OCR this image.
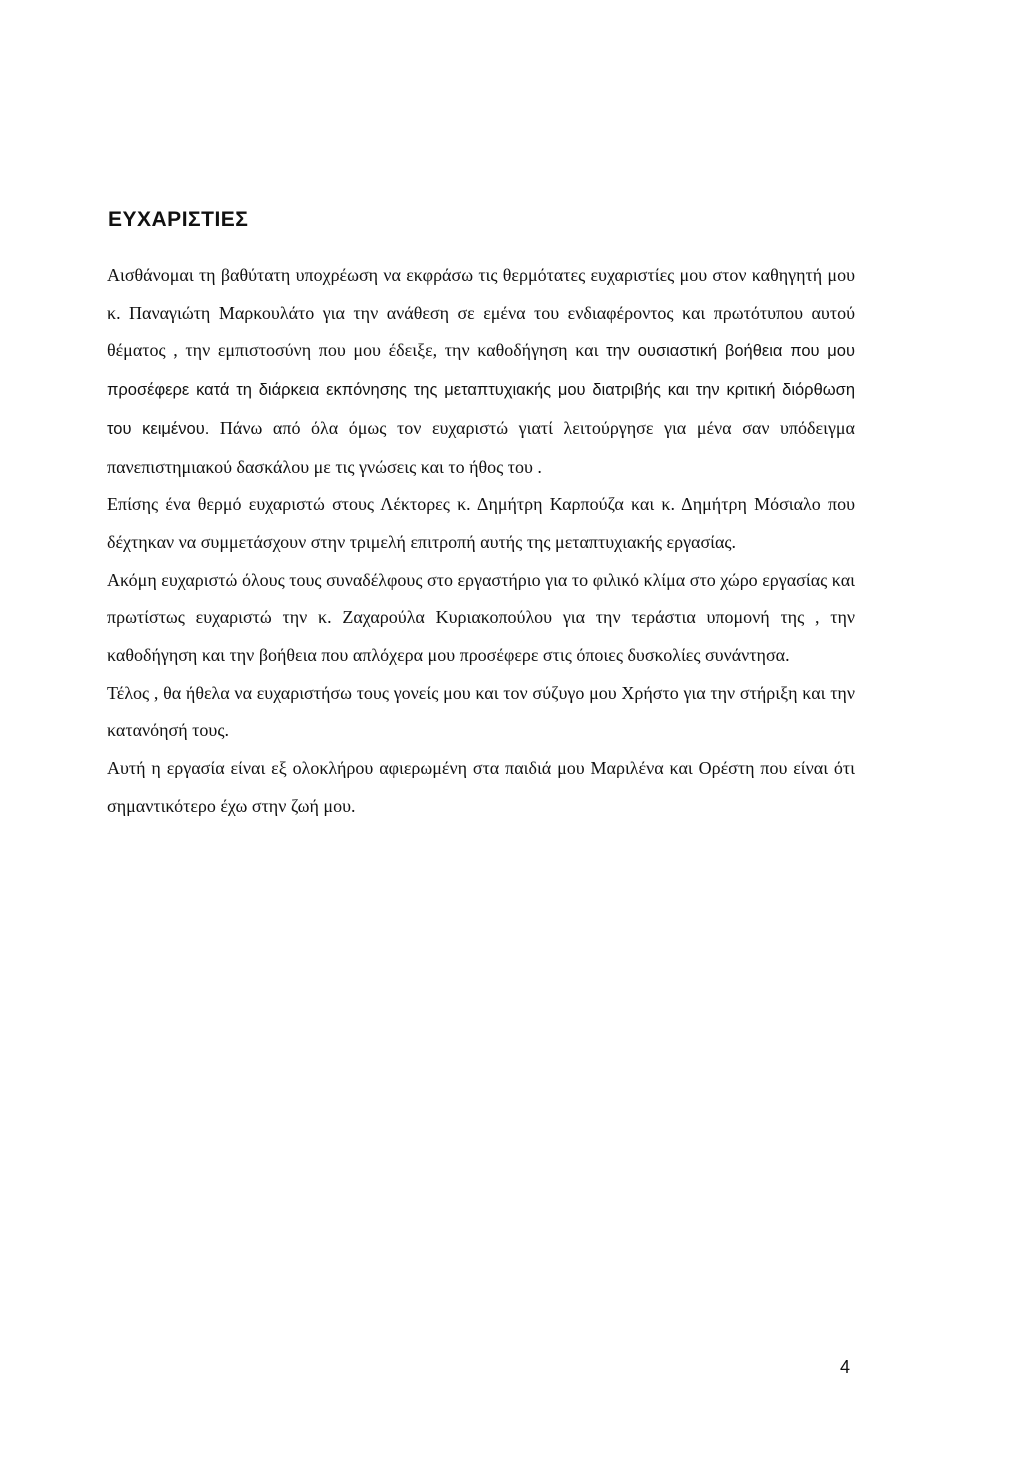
ΕΥΧΑΡΙΣΤΙΕΣ

Αισθάνομαι τη βαθύτατη υποχρέωση να εκφράσω τις θερμότατες ευχαριστίες μου στον καθηγητή μου κ. Παναγιώτη Μαρκουλάτο για την ανάθεση σε εμένα του ενδιαφέροντος και πρωτότυπου αυτού θέματος , την εμπιστοσύνη που μου έδειξε, την καθοδήγηση και την ουσιαστική βοήθεια που μου προσέφερε κατά τη διάρκεια εκπόνησης της μεταπτυχιακής μου διατριβής και την κριτική διόρθωση του κειμένου. Πάνω από όλα όμως τον ευχαριστώ γιατί λειτούργησε για μένα σαν υπόδειγμα πανεπιστημιακού δασκάλου με τις γνώσεις και το ήθος του .

Επίσης ένα θερμό ευχαριστώ στους Λέκτορες κ. Δημήτρη Καρπούζα και κ. Δημήτρη Μόσιαλο που δέχτηκαν να συμμετάσχουν στην τριμελή επιτροπή αυτής της μεταπτυχιακής εργασίας.

Ακόμη ευχαριστώ όλους τους συναδέλφους στο εργαστήριο για το φιλικό κλίμα στο χώρο εργασίας και πρωτίστως ευχαριστώ την κ. Ζαχαρούλα Κυριακοπούλου για την τεράστια υπομονή της , την καθοδήγηση και την βοήθεια που απλόχερα μου προσέφερε στις όποιες δυσκολίες συνάντησα.

Τέλος , θα ήθελα να ευχαριστήσω τους γονείς μου και τον σύζυγο μου Χρήστο για την στήριξη και την κατανόησή τους.

Αυτή η εργασία είναι εξ ολοκλήρου αφιερωμένη στα παιδιά μου Μαριλένα και Ορέστη που είναι ότι σημαντικότερο έχω στην ζωή μου.

4
